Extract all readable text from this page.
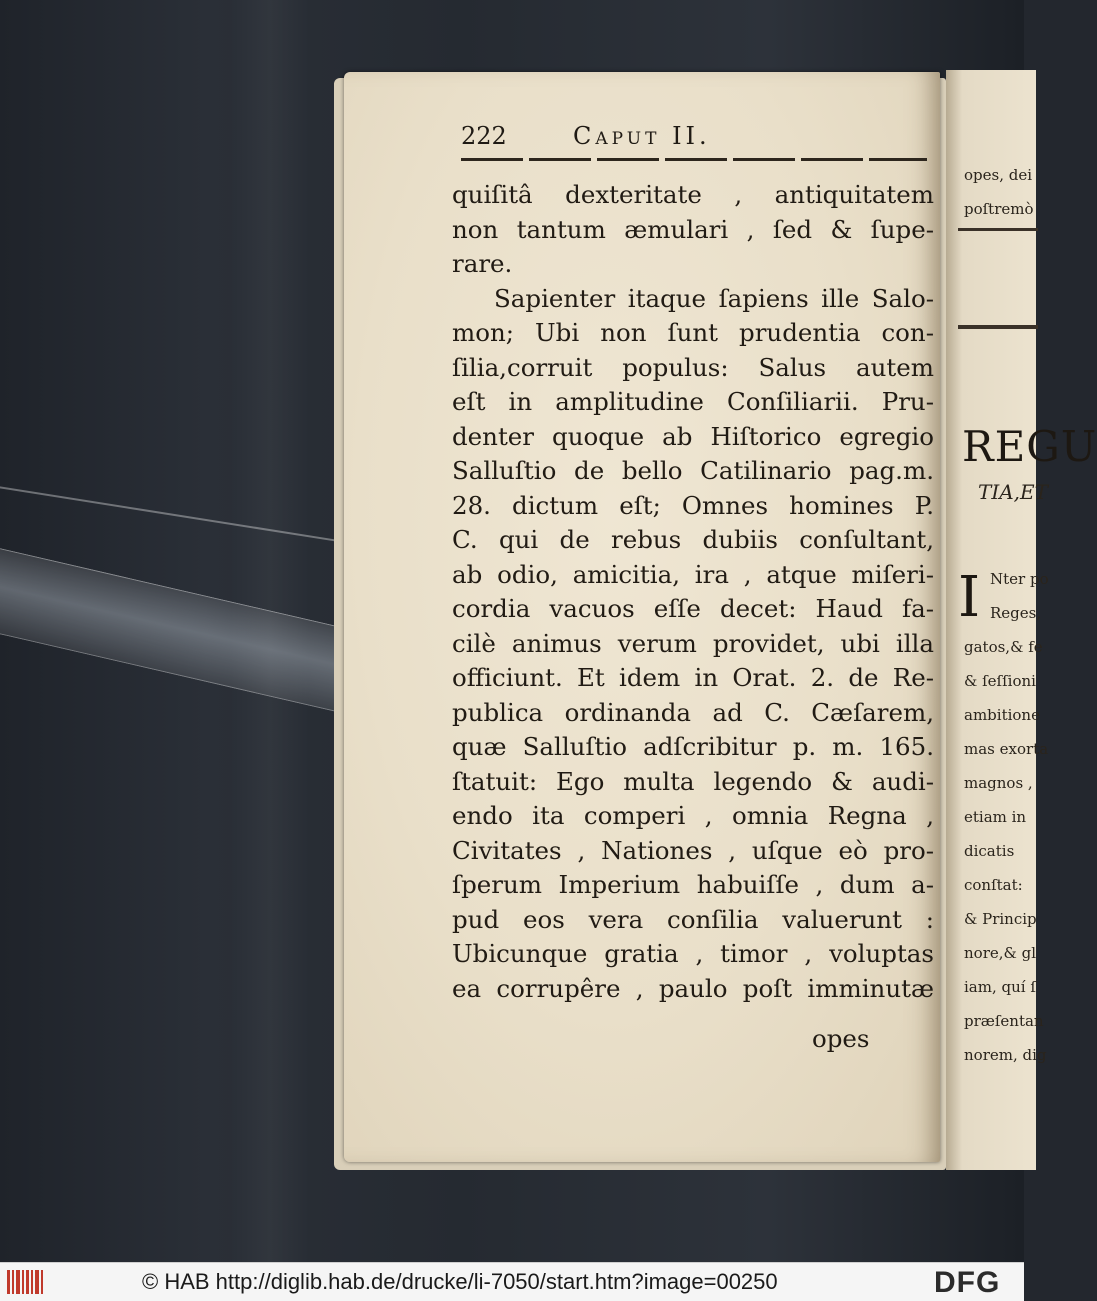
opes, dei
poſtremò
REGU
TIA,ET
I Nter po
Reges,
gatos,& fe
& ſeſſioni
ambitione
mas exorta
magnos ,
etiam in
dicatis
conſtat:
& Princip
nore,& gl
iam, quí ſ
præſentan
norem, dig
222	Caput II.
quiſitâ dexteritate , antiquitatem
non tantum æmulari , ſed & ſupe-
rare.
Sapienter itaque ſapiens ille Salo-
mon; Ubi non ſunt prudentia con-
ſilia,corruit populus: Salus autem
eſt in amplitudine Conſiliarii. Pru-
denter quoque ab Hiſtorico egregio
Salluſtio de bello Catilinario pag.m.
28. dictum eſt; Omnes homines P.
C. qui de rebus dubiis conſultant,
ab odio, amicitia, ira , atque miſeri-
cordia vacuos eſſe decet: Haud fa-
cilè animus verum providet, ubi illa
officiunt. Et idem in Orat. 2. de Re-
publica ordinanda ad C. Cæſarem,
quæ Salluſtio adſcribitur p. m. 165.
ſtatuit: Ego multa legendo & audi-
endo ita comperi , omnia Regna ,
Civitates , Nationes , uſque eò pro-
ſperum Imperium habuiſſe , dum a-
pud eos vera conſilia valuerunt :
Ubicunque gratia , timor , voluptas
ea corrupêre , paulo poſt imminutæ
opes
© HAB http://diglib.hab.de/drucke/li-7050/start.htm?image=00250	DFG
